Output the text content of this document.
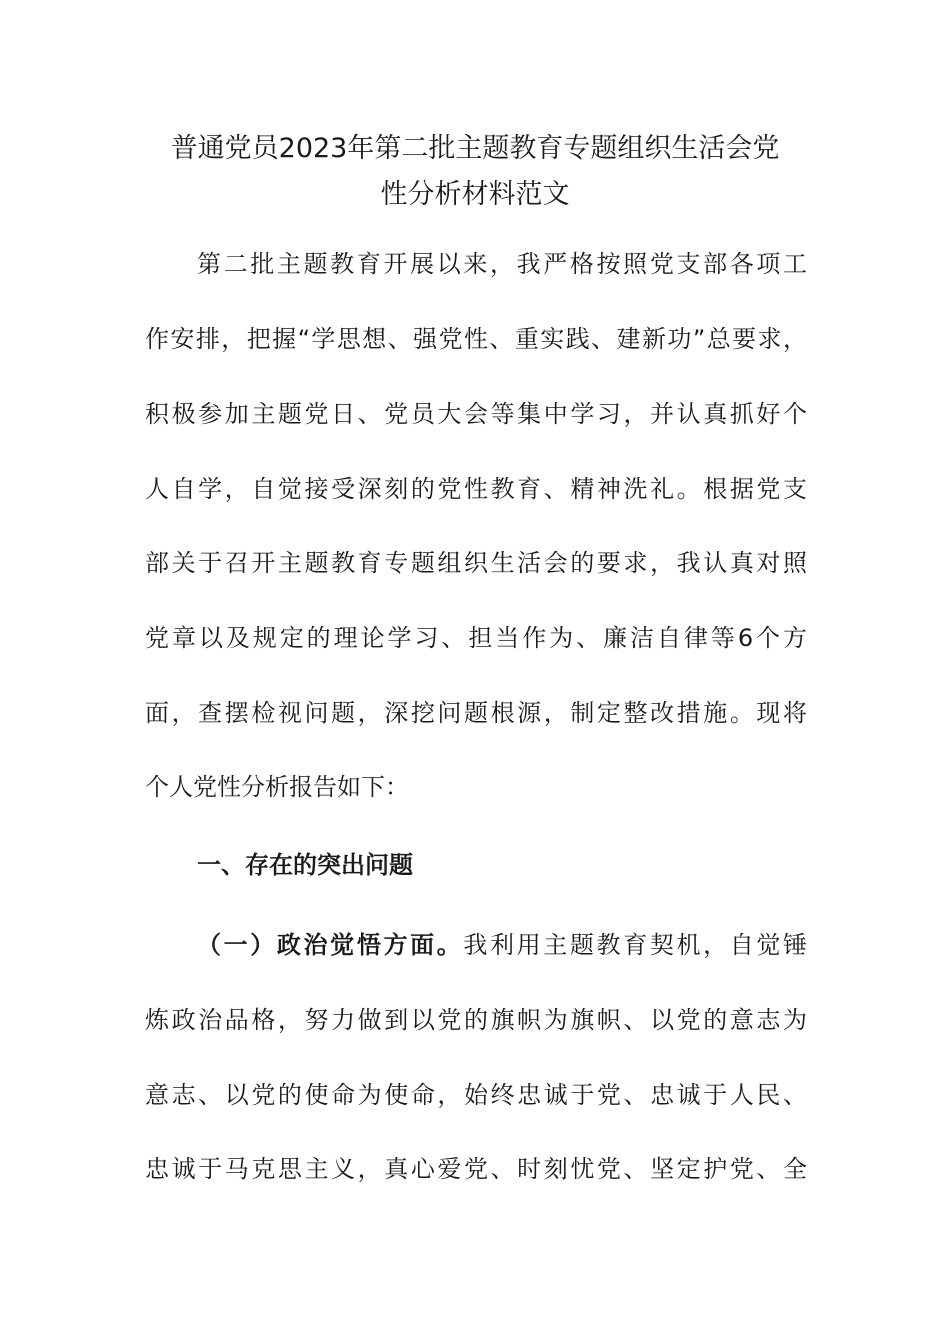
普通党员2023年第二批主题教育专题组织生活会党
性分析材料范文

第二批主题教育开展以来，我严格按照党支部各项工

作安排，把握“学思想、强党性、重实践、建新功”总要求，

积极参加主题党日、党员大会等集中学习，并认真抓好个

人自学，自觉接受深刻的党性教育、精神洗礼。根据党支

部关于召开主题教育专题组织生活会的要求，我认真对照

党章以及规定的理论学习、担当作为、廉洁自律等6个方

面，查摆检视问题，深挖问题根源，制定整改措施。现将

个人党性分析报告如下：

一、存在的突出问题

（一）政治觉悟方面。我利用主题教育契机，自觉锤

炼政治品格，努力做到以党的旗帜为旗帜、以党的意志为

意志、以党的使命为使命，始终忠诚于党、忠诚于人民、

忠诚于马克思主义，真心爱党、时刻忧党、坚定护党、全
